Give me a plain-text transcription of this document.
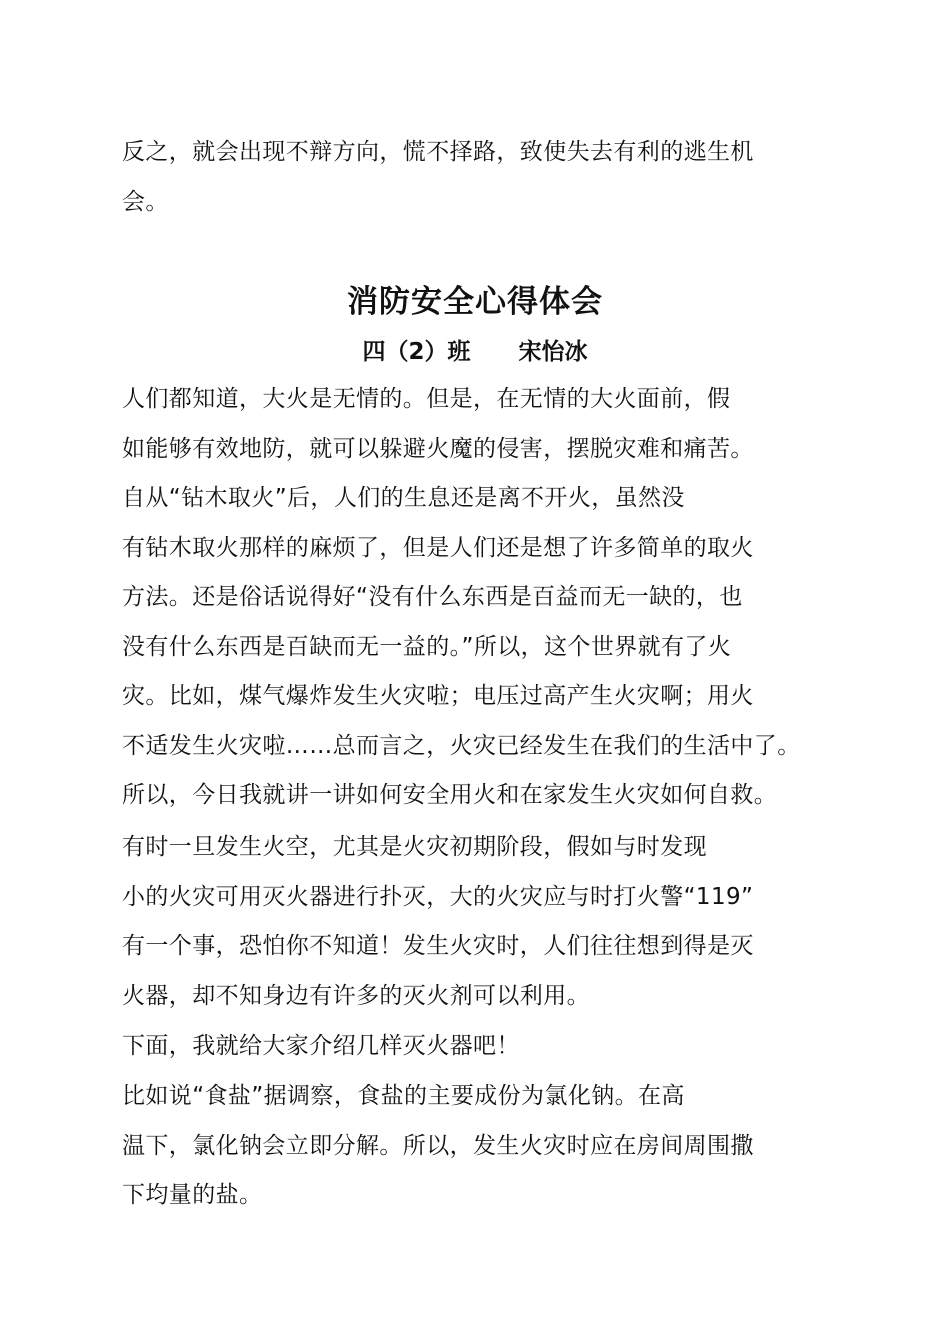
反之，就会出现不辩方向，慌不择路，致使失去有利的逃生机
会。

消防安全心得体会

四（2）班      宋怡冰

人们都知道，大火是无情的。但是，在无情的大火面前，假
如能够有效地防，就可以躲避火魔的侵害，摆脱灾难和痛苦。

自从“钻木取火”后，人们的生息还是离不开火，虽然没
有钻木取火那样的麻烦了，但是人们还是想了许多简单的取火
方法。还是俗话说得好“没有什么东西是百益而无一缺的，也
没有什么东西是百缺而无一益的。”所以，这个世界就有了火
灾。比如，煤气爆炸发生火灾啦；电压过高产生火灾啊；用火
不适发生火灾啦……总而言之，火灾已经发生在我们的生活中了。
所以，今日我就讲一讲如何安全用火和在家发生火灾如何自救。

有时一旦发生火空，尤其是火灾初期阶段，假如与时发现
小的火灾可用灭火器进行扑灭，大的火灾应与时打火警“119”
有一个事，恐怕你不知道！发生火灾时，人们往往想到得是灭
火器，却不知身边有许多的灭火剂可以利用。

下面，我就给大家介绍几样灭火器吧！

比如说“食盐”据调察，食盐的主要成份为氯化钠。在高
温下，氯化钠会立即分解。所以，发生火灾时应在房间周围撒
下均量的盐。
